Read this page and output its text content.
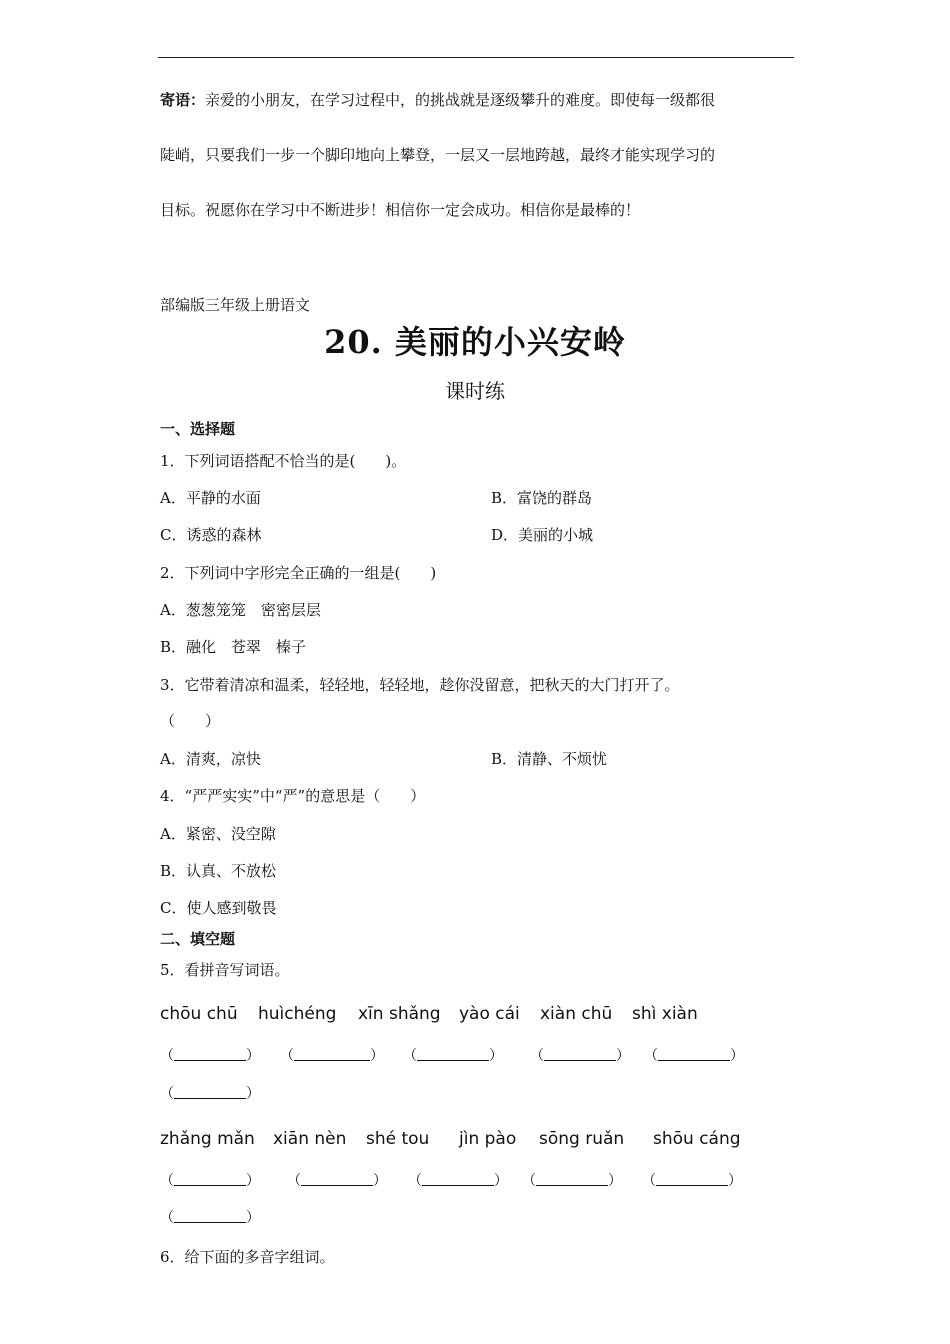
寄语：亲爱的小朋友，在学习过程中，的挑战就是逐级攀升的难度。即使每一级都很
陡峭，只要我们一步一个脚印地向上攀登，一层又一层地跨越，最终才能实现学习的
目标。祝愿你在学习中不断进步！相信你一定会成功。相信你是最棒的！
部编版三年级上册语文
20. 美丽的小兴安岭
课时练
一、选择题
1．下列词语搭配不恰当的是(　　)。
A．平静的水面	B．富饶的群岛
C．诱惑的森林	D．美丽的小城
2．下列词中字形完全正确的一组是(　　)
A．葱葱笼笼　密密层层
B．融化　苍翠　榛子
3．它带着清凉和温柔，轻轻地，轻轻地，趁你没留意，把秋天的大门打开了。
（　　）
A．清爽，凉快	B．清静、不烦忧
4．“严严实实”中“严”的意思是（　　）
A．紧密、没空隙
B．认真、不放松
C．使人感到敬畏
二、填空题
5．看拼音写词语。
chōu chū huìchéng xīn shǎng yào cái xiàn chū shì xiàn
（	） （	） （	） （	） （	）
（	）
zhǎng mǎn xiān nèn shé tou jìn pào sōng ruǎn shōu cáng
（	） （	） （	） （	） （	）
（	）
6．给下面的多音字组词。
